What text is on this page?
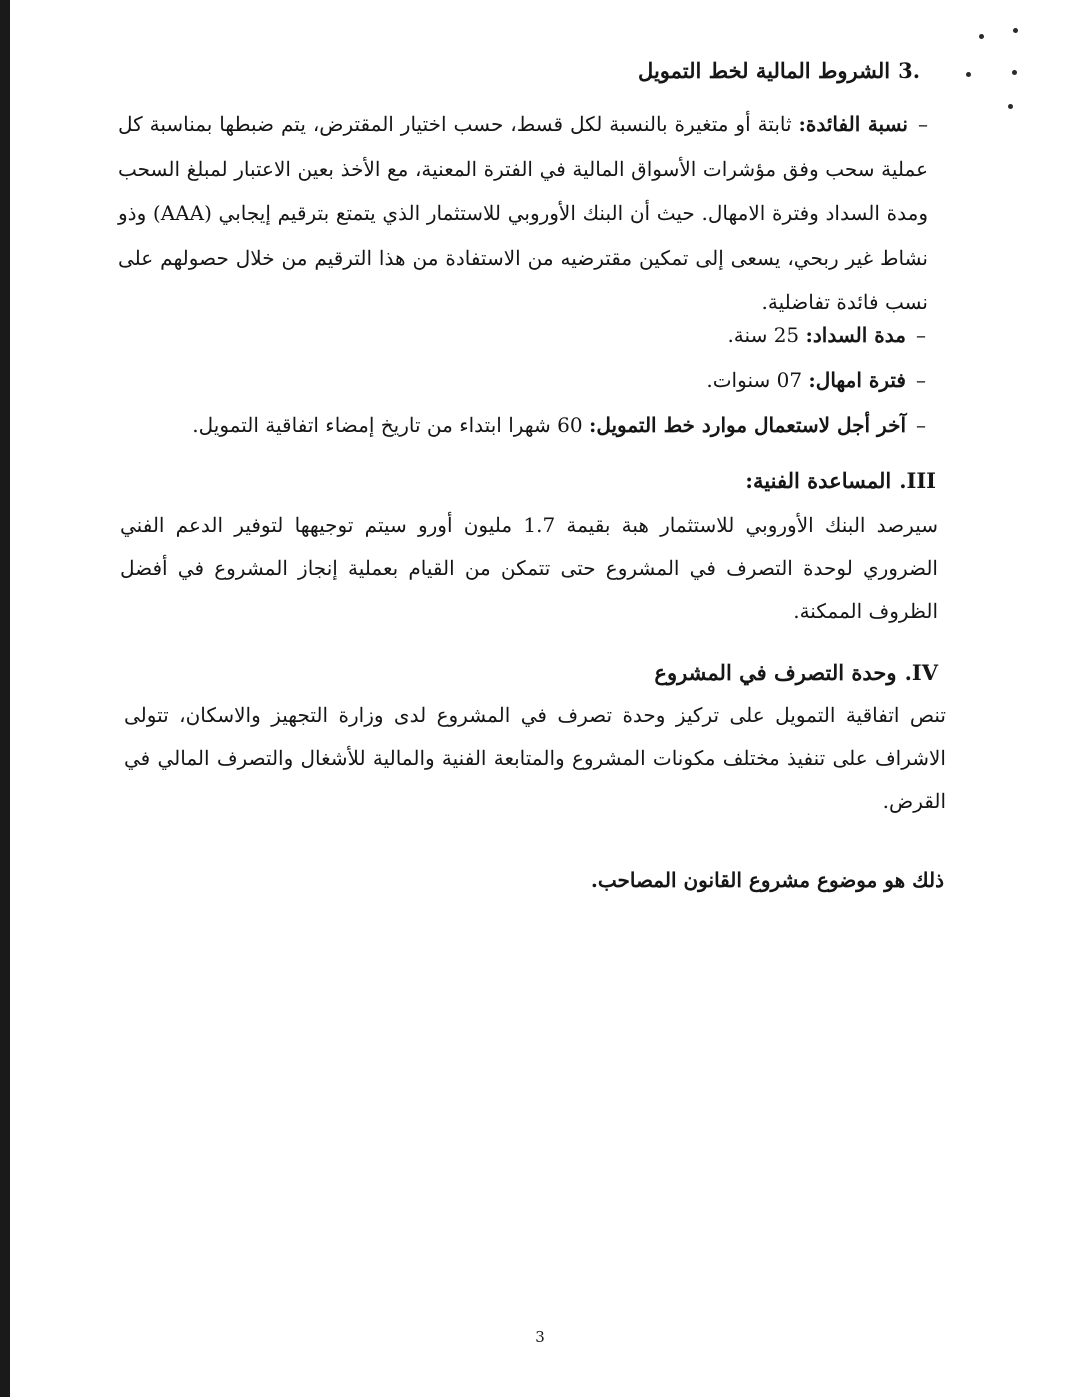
.3الشروط المالية لخط التمويل

–نسبة الفائدة: ثابتة أو متغيرة بالنسبة لكل قسط، حسب اختيار المقترض، يتم ضبطها بمناسبة كل عملية سحب وفق مؤشرات الأسواق المالية في الفترة المعنية، مع الأخذ بعين الاعتبار لمبلغ السحب ومدة السداد وفترة الامهال. حيث أن البنك الأوروبي للاستثمار الذي يتمتع بترقيم إيجابي (AAA) وذو نشاط غير ربحي، يسعى إلى تمكين مقترضيه من الاستفادة من هذا الترقيم من خلال حصولهم على نسب فائدة تفاضلية.

–مدة السداد: 25 سنة.

–فترة امهال: 07 سنوات.

–آخر أجل لاستعمال موارد خط التمويل: 60 شهرا ابتداء من تاريخ إمضاء اتفاقية التمويل.

III.المساعدة الفنية:

سيرصد البنك الأوروبي للاستثمار هبة بقيمة 1.7 مليون أورو سيتم توجيهها لتوفير الدعم الفني الضروري لوحدة التصرف في المشروع حتى تتمكن من القيام بعملية إنجاز المشروع في أفضل الظروف الممكنة.

IV.وحدة التصرف في المشروع

تنص اتفاقية التمويل على تركيز وحدة تصرف في المشروع لدى وزارة التجهيز والاسكان، تتولى الاشراف على تنفيذ مختلف مكونات المشروع والمتابعة الفنية والمالية للأشغال والتصرف المالي في القرض.

ذلك هو موضوع مشروع القانون المصاحب.

3
